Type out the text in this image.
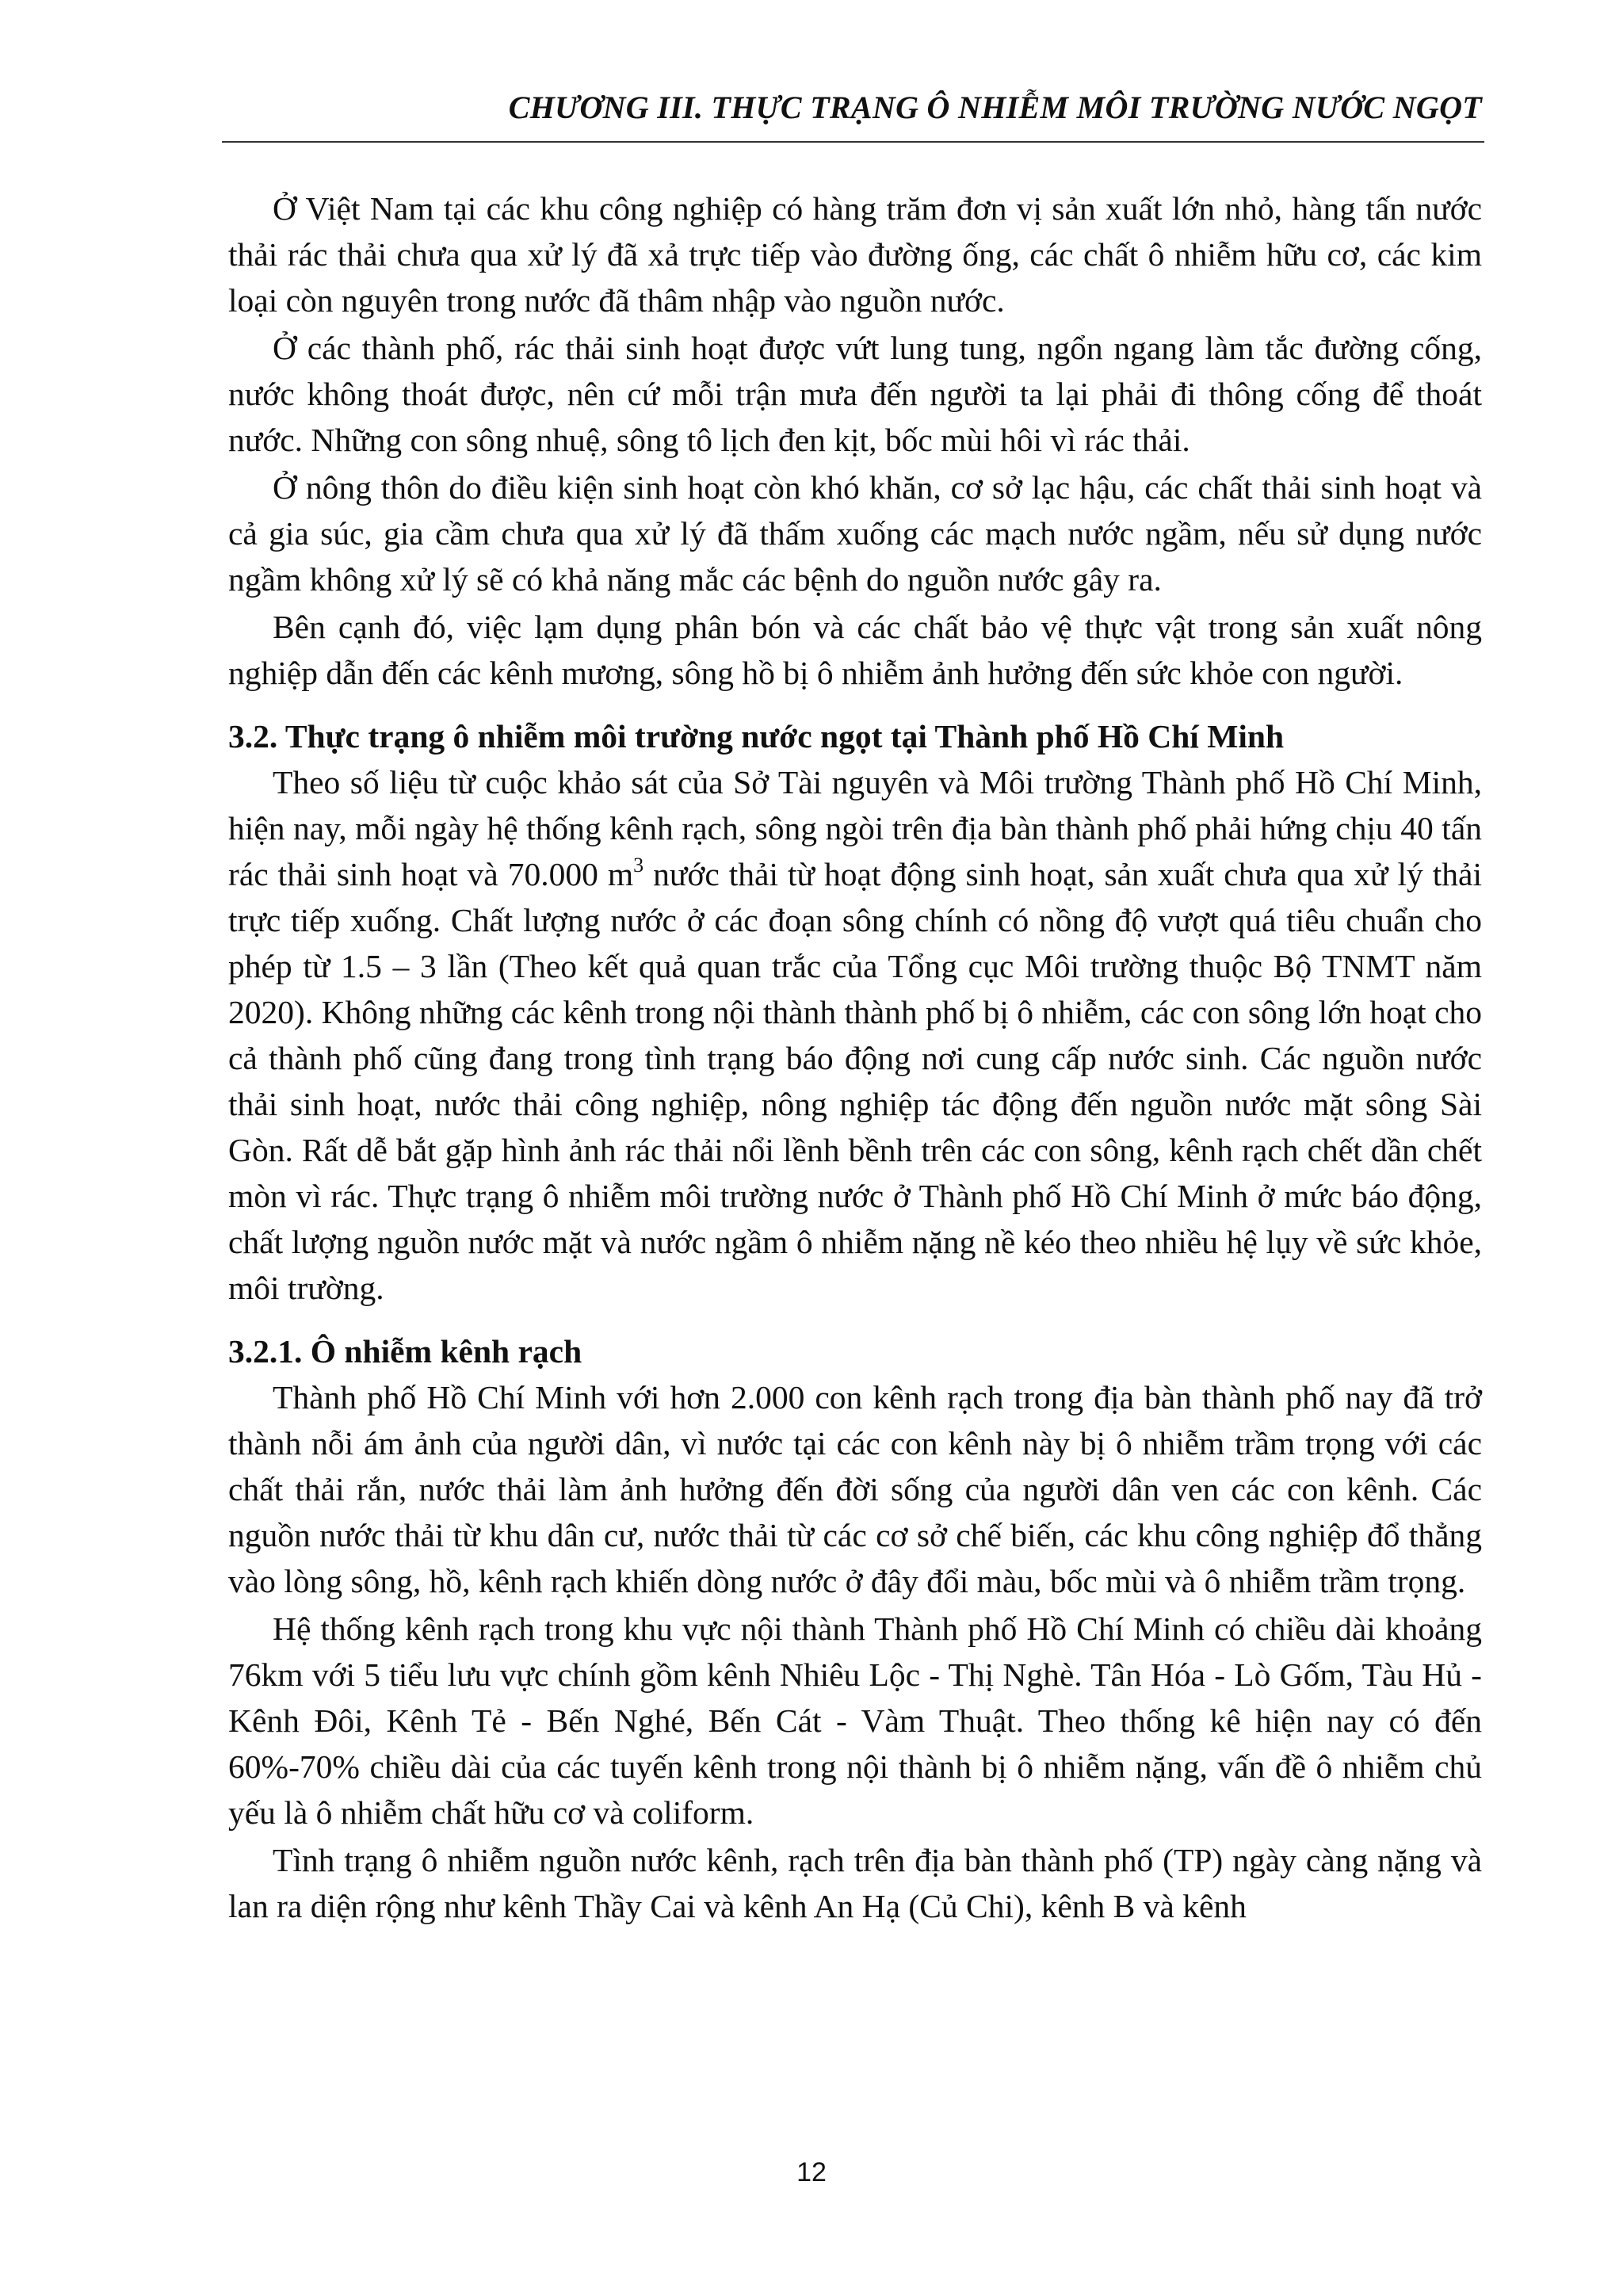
CHƯƠNG III. THỰC TRẠNG Ô NHIỄM MÔI TRƯỜNG NƯỚC NGỌT

Ở Việt Nam tại các khu công nghiệp có hàng trăm đơn vị sản xuất lớn nhỏ, hàng tấn nước thải rác thải chưa qua xử lý đã xả trực tiếp vào đường ống, các chất ô nhiễm hữu cơ, các kim loại còn nguyên trong nước đã thâm nhập vào nguồn nước.

Ở các thành phố, rác thải sinh hoạt được vứt lung tung, ngổn ngang làm tắc đường cống, nước không thoát được, nên cứ mỗi trận mưa đến người ta lại phải đi thông cống để thoát nước. Những con sông nhuệ, sông tô lịch đen kịt, bốc mùi hôi vì rác thải.

Ở nông thôn do điều kiện sinh hoạt còn khó khăn, cơ sở lạc hậu, các chất thải sinh hoạt và cả gia súc, gia cầm chưa qua xử lý đã thấm xuống các mạch nước ngầm, nếu sử dụng nước ngầm không xử lý sẽ có khả năng mắc các bệnh do nguồn nước gây ra.

Bên cạnh đó, việc lạm dụng phân bón và các chất bảo vệ thực vật trong sản xuất nông nghiệp dẫn đến các kênh mương, sông hồ bị ô nhiễm ảnh hưởng đến sức khỏe con người.

3.2. Thực trạng ô nhiễm môi trường nước ngọt tại Thành phố Hồ Chí Minh

Theo số liệu từ cuộc khảo sát của Sở Tài nguyên và Môi trường Thành phố Hồ Chí Minh, hiện nay, mỗi ngày hệ thống kênh rạch, sông ngòi trên địa bàn thành phố phải hứng chịu 40 tấn rác thải sinh hoạt và 70.000 $m^3$ nước thải từ hoạt động sinh hoạt, sản xuất chưa qua xử lý thải trực tiếp xuống. Chất lượng nước ở các đoạn sông chính có nồng độ vượt quá tiêu chuẩn cho phép từ 1.5 – 3 lần (Theo kết quả quan trắc của Tổng cục Môi trường thuộc Bộ TNMT năm 2020). Không những các kênh trong nội thành thành phố bị ô nhiễm, các con sông lớn hoạt cho cả thành phố cũng đang trong tình trạng báo động nơi cung cấp nước sinh. Các nguồn nước thải sinh hoạt, nước thải công nghiệp, nông nghiệp tác động đến nguồn nước mặt sông Sài Gòn. Rất dễ bắt gặp hình ảnh rác thải nổi lềnh bềnh trên các con sông, kênh rạch chết dần chết mòn vì rác. Thực trạng ô nhiễm môi trường nước ở Thành phố Hồ Chí Minh ở mức báo động, chất lượng nguồn nước mặt và nước ngầm ô nhiễm nặng nề kéo theo nhiều hệ lụy về sức khỏe, môi trường.

3.2.1. Ô nhiễm kênh rạch

Thành phố Hồ Chí Minh với hơn 2.000 con kênh rạch trong địa bàn thành phố nay đã trở thành nỗi ám ảnh của người dân, vì nước tại các con kênh này bị ô nhiễm trầm trọng với các chất thải rắn, nước thải làm ảnh hưởng đến đời sống của người dân ven các con kênh. Các nguồn nước thải từ khu dân cư, nước thải từ các cơ sở chế biến, các khu công nghiệp đổ thẳng vào lòng sông, hồ, kênh rạch khiến dòng nước ở đây đổi màu, bốc mùi và ô nhiễm trầm trọng.

Hệ thống kênh rạch trong khu vực nội thành Thành phố Hồ Chí Minh có chiều dài khoảng 76km với 5 tiểu lưu vực chính gồm kênh Nhiêu Lộc - Thị Nghè. Tân Hóa - Lò Gốm, Tàu Hủ - Kênh Đôi, Kênh Tẻ - Bến Nghé, Bến Cát - Vàm Thuật. Theo thống kê hiện nay có đến 60%-70% chiều dài của các tuyến kênh trong nội thành bị ô nhiễm nặng, vấn đề ô nhiễm chủ yếu là ô nhiễm chất hữu cơ và coliform.

Tình trạng ô nhiễm nguồn nước kênh, rạch trên địa bàn thành phố (TP) ngày càng nặng và lan ra diện rộng như kênh Thầy Cai và kênh An Hạ (Củ Chi), kênh B và kênh

12
